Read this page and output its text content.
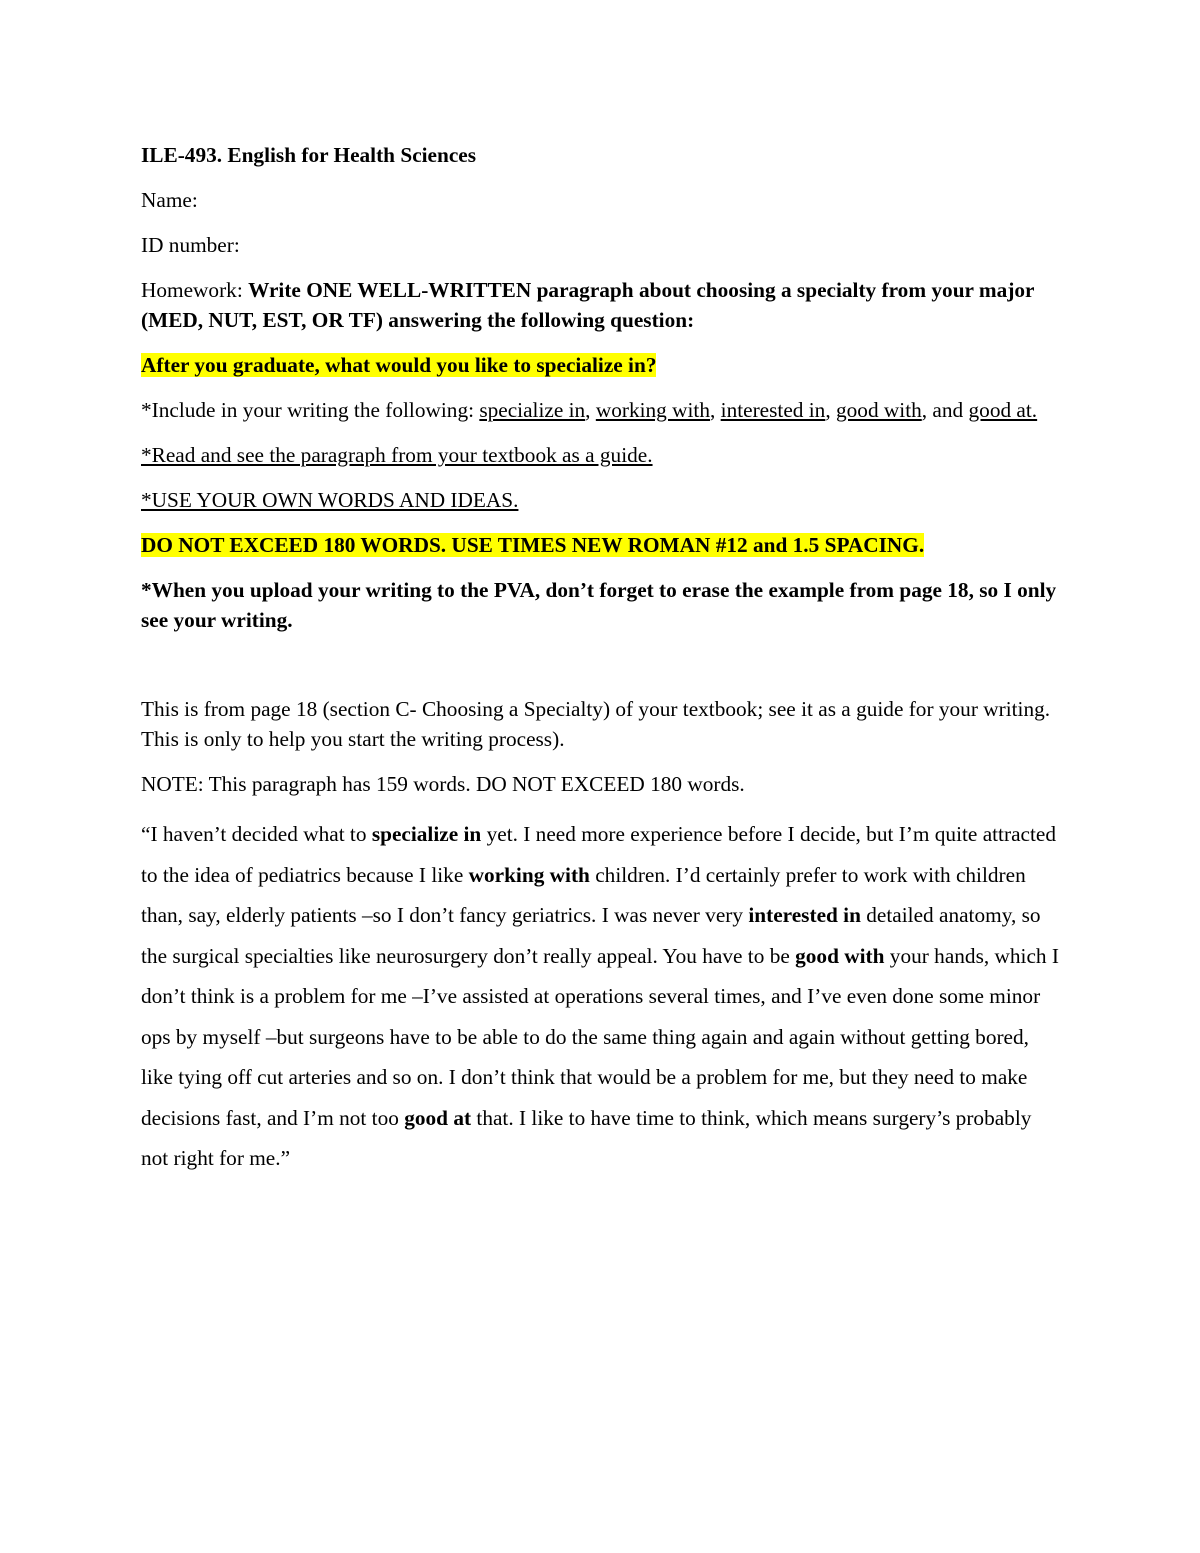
ILE-493. English for Health Sciences

Name:

ID number:

Homework: Write ONE WELL-WRITTEN paragraph about choosing a specialty from your major (MED, NUT, EST, OR TF) answering the following question:

After you graduate, what would you like to specialize in?

*Include in your writing the following: specialize in, working with, interested in, good with, and good at.

*Read and see the paragraph from your textbook as a guide.

*USE YOUR OWN WORDS AND IDEAS.

DO NOT EXCEED 180 WORDS. USE TIMES NEW ROMAN #12 and 1.5 SPACING.

*When you upload your writing to the PVA, don’t forget to erase the example from page 18, so I only see your writing.

This is from page 18 (section C- Choosing a Specialty) of your textbook; see it as a guide for your writing. This is only to help you start the writing process).

NOTE: This paragraph has 159 words. DO NOT EXCEED 180 words.

“I haven’t decided what to specialize in yet. I need more experience before I decide, but I’m quite attracted to the idea of pediatrics because I like working with children. I’d certainly prefer to work with children than, say, elderly patients –so I don’t fancy geriatrics. I was never very interested in detailed anatomy, so the surgical specialties like neurosurgery don’t really appeal. You have to be good with your hands, which I don’t think is a problem for me –I’ve assisted at operations several times, and I’ve even done some minor ops by myself –but surgeons have to be able to do the same thing again and again without getting bored, like tying off cut arteries and so on. I don’t think that would be a problem for me, but they need to make decisions fast, and I’m not too good at that. I like to have time to think, which means surgery’s probably not right for me.”
